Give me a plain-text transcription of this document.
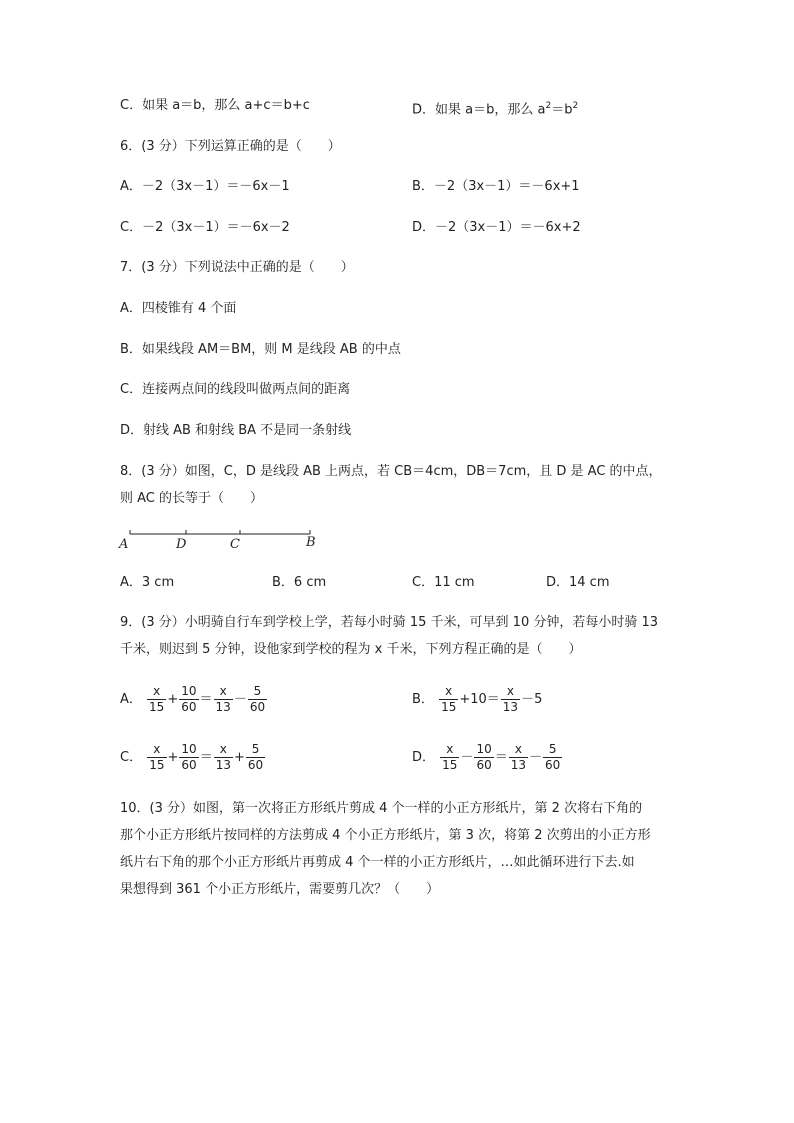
C．如果 a＝b，那么 a+c＝b+c	D．如果 a＝b，那么 $a^2=b^2$
6．(3 分）下列运算正确的是（　　）
A．－2（3x－1）＝－6x－1	B．－2（3x－1）＝－6x+1
C．－2（3x－1）＝－6x－2	D．－2（3x－1）＝－6x+2
7．(3 分）下列说法中正确的是（　　）
A．四棱锥有 4 个面
B．如果线段 AM＝BM，则 M 是线段 AB 的中点
C．连接两点间的线段叫做两点间的距离
D．射线 AB 和射线 BA 不是同一条射线
8．(3 分）如图，C，D 是线段 AB 上两点，若 CB＝4cm，DB＝7cm，且 D 是 AC 的中点，
则 AC 的长等于（　　）
A	D	C	B
A．3 cm	B．6 cm	C．11 cm	D．14 cm
9．(3 分）小明骑自行车到学校上学，若每小时骑 15 千米，可早到 10 分钟，若每小时骑 13
千米，则迟到 5 分钟，设他家到学校的程为 x 千米，下列方程正确的是（　　）
A． $\frac{x}{15} + \frac{10}{60} = \frac{x}{13} - \frac{5}{60}$	B． $\frac{x}{15} +10= \frac{x}{13} -5$
C． $\frac{x}{15} + \frac{10}{60} = \frac{x}{13} + \frac{5}{60}$	D． $\frac{x}{15} - \frac{10}{60} = \frac{x}{13} - \frac{5}{60}$
10．(3 分）如图，第一次将正方形纸片剪成 4 个一样的小正方形纸片，第 2 次将右下角的
那个小正方形纸片按同样的方法剪成 4 个小正方形纸片，第 3 次，将第 2 次剪出的小正方形
纸片右下角的那个小正方形纸片再剪成 4 个一样的小正方形纸片，…如此循环进行下去.如
果想得到 361 个小正方形纸片，需要剪几次？（　　）
